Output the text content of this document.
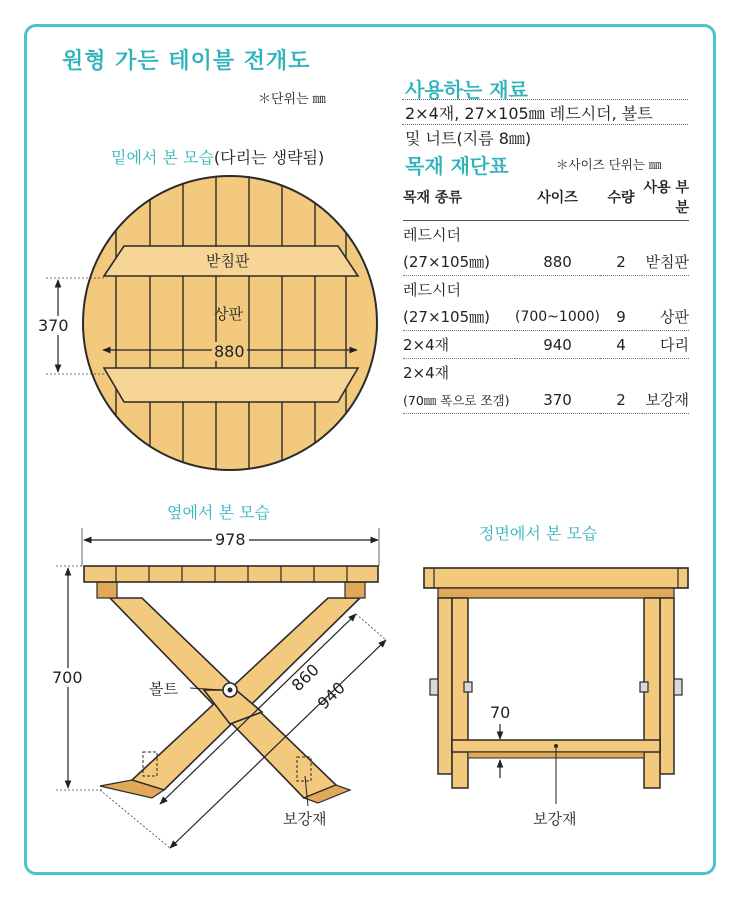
원형 가든 테이블 전개도
＊단위는 ㎜	사용하는 재료
2×4재, 27×105㎜ 레드시더, 볼트
및 너트(지름 8㎜)
목재 재단표	＊사이즈 단위는 ㎜
목재 종류	사이즈	수량	사용 부분
레드시더			
(27×105㎜)	880	2	받침판
레드시더			
(27×105㎜)	(700~1000)	9	상판
2×4재	940	4	다리
2×4재			
(70㎜ 폭으로 쪼갬)	370	2	보강재
밑에서 본 모습(다리는 생략됨)
옆에서 본 모습
정면에서 본 모습
받침판
상판
880
370
978
700	860
940
볼트
보강재
70
보강재
